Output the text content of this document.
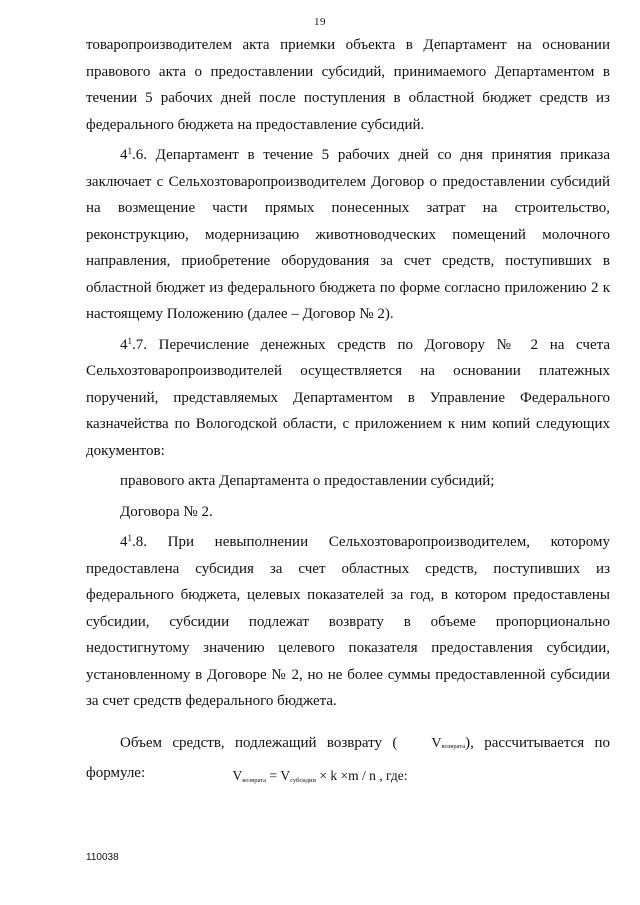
19

товаропроизводителем акта приемки объекта в Департамент на основании правового акта о предоставлении субсидий, принимаемого Департаментом в течении 5 рабочих дней после поступления в областной бюджет средств из федерального бюджета на предоставление субсидий.

$4^1.6$. Департамент в течение 5 рабочих дней со дня принятия приказа заключает с Сельхозтоваропроизводителем Договор о предоставлении субсидий на возмещение части прямых понесенных затрат на строительство, реконструкцию, модернизацию животноводческих помещений молочного направления, приобретение оборудования за счет средств, поступивших в областной бюджет из федерального бюджета по форме согласно приложению 2 к настоящему Положению (далее – Договор № 2).

$4^1.7$. Перечисление денежных средств по Договору № 2 на счета Сельхозтоваропроизводителей осуществляется на основании платежных поручений, представляемых Департаментом в Управление Федерального казначейства по Вологодской области, с приложением к ним копий следующих документов:

правового акта Департамента о предоставлении субсидий;

Договора № 2.

$4^1.8$. При невыполнении Сельхозтоваропроизводителем, которому предоставлена субсидия за счет областных средств, поступивших из федерального бюджета, целевых показателей за год, в котором предоставлены субсидии, субсидии подлежат возврату в объеме пропорционально недостигнутому значению целевого показателя предоставления субсидии, установленному в Договоре № 2, но не более суммы предоставленной субсидии за счет средств федерального бюджета.

Объем средств, подлежащий возврату ( Vвозврата), рассчитывается по формуле:	Vвозврата = Vсубсидии × k ×m / n , где:
110038
